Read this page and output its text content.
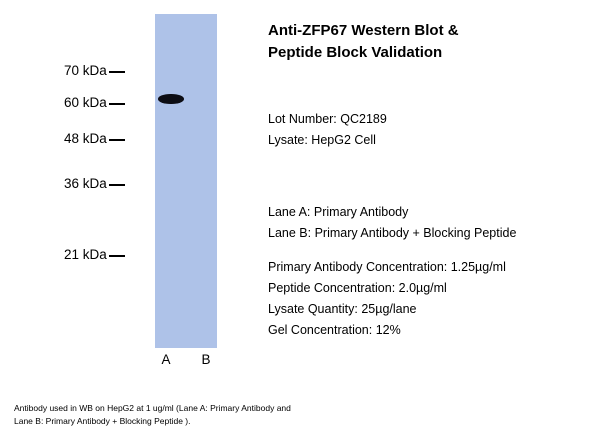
70 kDa
60 kDa
48 kDa
36 kDa
21 kDa
A B
Anti-ZFP67 Western Blot &
Peptide Block Validation
Lot Number: QC2189
Lysate: HepG2 Cell
Lane A: Primary Antibody
Lane B: Primary Antibody + Blocking Peptide
Primary Antibody Concentration: 1.25µg/ml
Peptide Concentration: 2.0µg/ml
Lysate Quantity: 25µg/lane
Gel Concentration: 12%
Antibody used in WB on HepG2 at 1 ug/ml (Lane A: Primary Antibody and
Lane B: Primary Antibody + Blocking Peptide ).
